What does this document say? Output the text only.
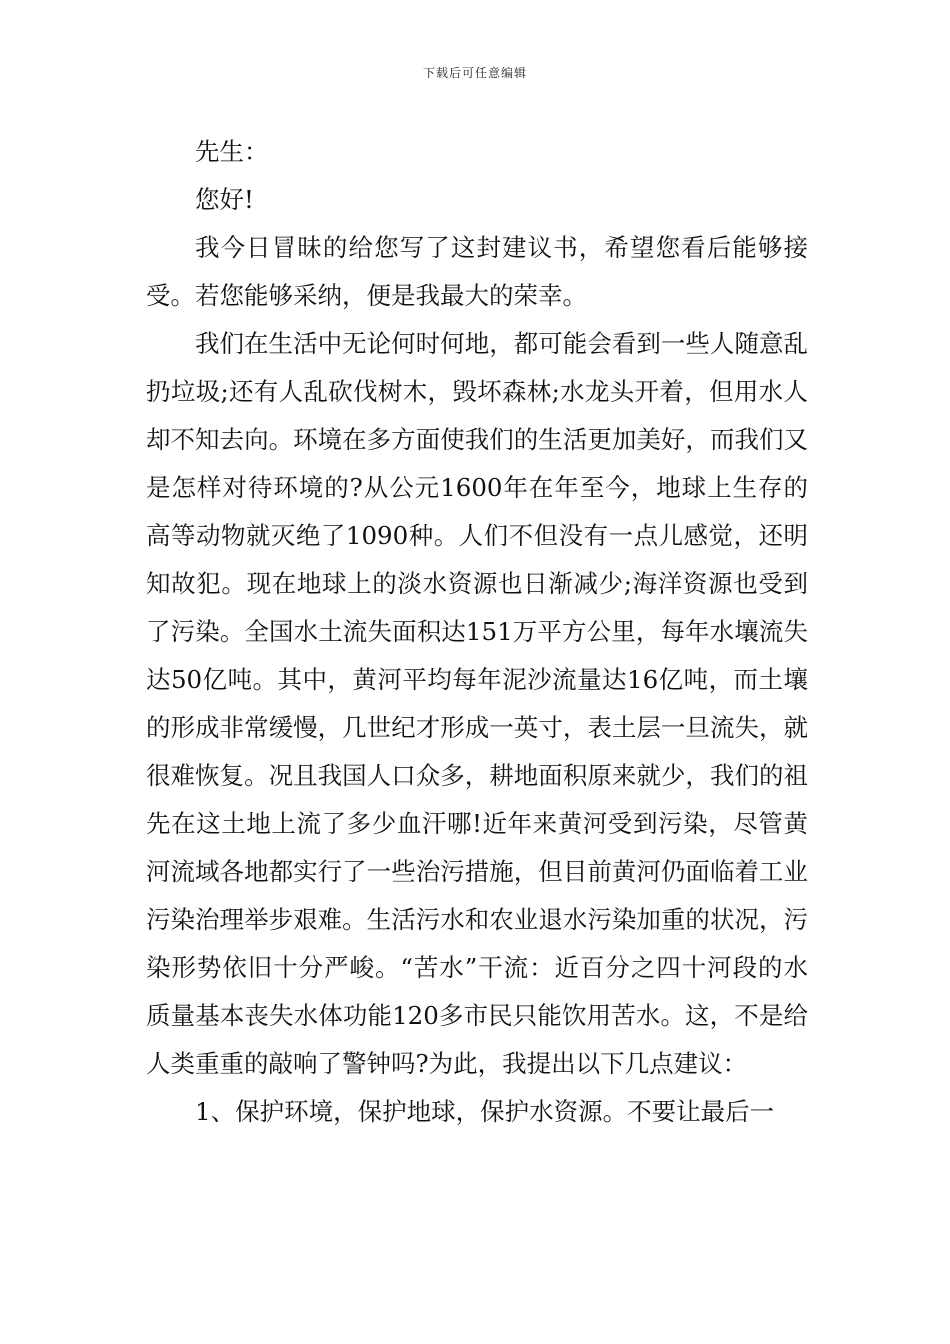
下载后可任意编辑

先生：

您好!

我今日冒昧的给您写了这封建议书，希望您看后能够接受。若您能够采纳，便是我最大的荣幸。

我们在生活中无论何时何地，都可能会看到一些人随意乱扔垃圾;还有人乱砍伐树木，毁坏森林;水龙头开着，但用水人却不知去向。环境在多方面使我们的生活更加美好，而我们又是怎样对待环境的?从公元1600年在年至今，地球上生存的高等动物就灭绝了1090种。人们不但没有一点儿感觉，还明知故犯。现在地球上的淡水资源也日渐减少;海洋资源也受到了污染。全国水土流失面积达151万平方公里，每年水壤流失达50亿吨。其中，黄河平均每年泥沙流量达16亿吨，而土壤的形成非常缓慢，几世纪才形成一英寸，表土层一旦流失，就很难恢复。况且我国人口众多，耕地面积原来就少，我们的祖先在这土地上流了多少血汗哪!近年来黄河受到污染，尽管黄河流域各地都实行了一些治污措施，但目前黄河仍面临着工业污染治理举步艰难。生活污水和农业退水污染加重的状况，污染形势依旧十分严峻。“苦水”干流：近百分之四十河段的水质量基本丧失水体功能120多市民只能饮用苦水。这，不是给人类重重的敲响了警钟吗?为此，我提出以下几点建议：

1、保护环境，保护地球，保护水资源。不要让最后一
